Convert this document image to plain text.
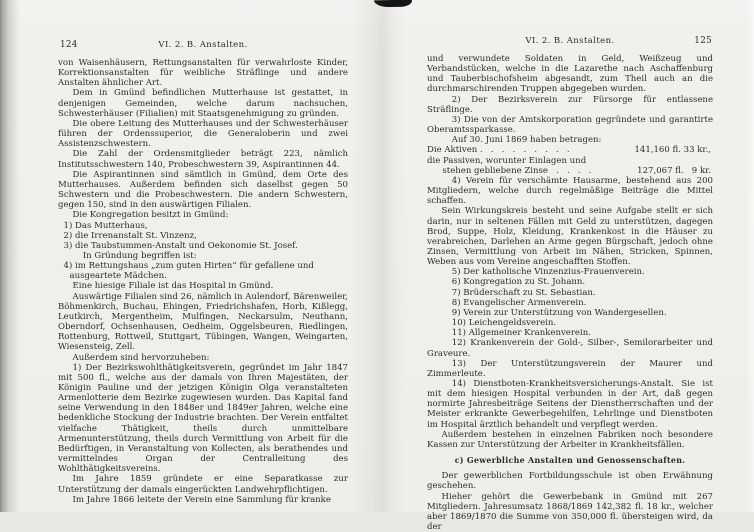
124	VI. 2. B. Anstalten.

von Waisenhäusern, Rettungsanstalten für verwahrloste Kinder, Korrektionsanstalten für weibliche Sträflinge und andere Anstalten ähnlicher Art.

Dem in Gmünd befindlichen Mutterhause ist gestattet, in denjenigen Gemeinden, welche darum nachsuchen, Schwesterhäuser (Filialien) mit Staatsgenehmigung zu gründen.

Die obere Leitung des Mutterhauses und der Schwesterhäuser führen der Ordenssuperior, die Generaloberin und zwei Assistenzschwestern.

Die Zahl der Ordensmitglieder beträgt 223, nämlich Institutsschwestern 140, Probeschwestern 39, Aspirantinnen 44.

Die Aspirantinnen sind sämtlich in Gmünd, dem Orte des Mutterhauses. Außerdem befinden sich daselbst gegen 50 Schwestern und die Probeschwestern. Die andern Schwestern, gegen 150, sind in den auswärtigen Filialen.

Die Kongregation besitzt in Gmünd:

1) Das Mutterhaus,

2) die Irrenanstalt St. Vinzenz,

3) die Taubstummen-Anstalt und Oekonomie St. Josef.

In Gründung begriffen ist:

4) im Rettungshaus „zum guten Hirten“ für gefallene und ausgeartete Mädchen.

Eine hiesige Filiale ist das Hospital in Gmünd.

Auswärtige Filialen sind 26, nämlich in Aulendorf, Bärenweiler, Böhmenkirch, Buchau, Ehingen, Friedrichshafen, Horb, Kißlegg, Leutkirch, Mergentheim, Mulfingen, Neckarsulm, Neuthann, Oberndorf, Ochsenhausen, Oedheim, Oggelsbeuren, Riedlingen, Rottenburg, Rottweil, Stuttgart, Tübingen, Wangen, Weingarten, Wiesensteig, Zell.

Außerdem sind hervorzuheben:

1) Der Bezirkswohlthätigkeitsverein, gegründet im Jahr 1847 mit 500 fl., welche aus der damals von Ihren Majestäten, der Königin Pauline und der jetzigen Königin Olga veranstalteten Armenlotterie dem Bezirke zugewiesen wurden. Das Kapital fand seine Verwendung in den 1848er und 1849er Jahren, welche eine bedenkliche Stockung der Industrie brachten. Der Verein entfaltet vielfache Thätigkeit, theils durch unmittelbare Armenunterstützung, theils durch Vermittlung von Arbeit für die Bedürftigen, in Veranstaltung von Kollecten, als berathendes und vermittelndes Organ der Centralleitung des Wohlthätigkeitsvereins.

Im Jahre 1859 gründete er eine Separatkasse zur Unterstützung der damals eingerückten Landwehrpflichtigen.

Im Jahre 1866 leitete der Verein eine Sammlung für kranke

VI. 2. B. Anstalten.	125

und verwundete Soldaten in Geld, Weißzeug und Verbandstücken, welche in die Lazarethe nach Aschaffenburg und Tauberbischofsheim abgesandt, zum Theil auch an die durchmarschirenden Truppen abgegeben wurden.

2) Der Bezirksverein zur Fürsorge für entlassene Sträflinge.

3) Die von der Amtskorporation gegründete und garantirte Oberamtssparkasse.

Auf 30. Juni 1869 haben betragen:

Die Aktiven .   .   .   .   .   .   .   .   .	141,160 fl. 33 kr.,

die Passiven, worunter Einlagen und

stehen gebliebene Zinse   .   .   .   .	127,067 fl.   9 kr.

4) Verein für verschämte Hausarme, bestehend aus 200 Mitgliedern, welche durch regelmäßige Beiträge die Mittel schaffen.

Sein Wirkungskreis besteht und seine Aufgabe stellt er sich darin, nur in seltenen Fällen mit Geld zu unterstützen, dagegen Brod, Suppe, Holz, Kleidung, Krankenkost in die Häuser zu verabreichen, Darlehen an Arme gegen Bürgschaft, jedoch ohne Zinsen, Vermittlung von Arbeit im Nähen, Stricken, Spinnen, Weben aus vom Vereine angeschafften Stoffen.

5) Der katholische Vinzenzius-Frauenverein.

6) Kongregation zu St. Johann.

7) Brüderschaft zu St. Sebastian.

8) Evangelischer Armenverein.

9) Verein zur Unterstützung von Wandergesellen.

10) Leichengeldsverein.

11) Allgemeiner Krankenverein.

12) Krankenverein der Gold-, Silber-, Semilorarbeiter und Graveure.

13) Der Unterstützungsverein der Maurer und Zimmerleute.

14) Dienstboten-Krankheitsversicherungs-Anstalt. Sie ist mit dem hiesigen Hospital verbunden in der Art, daß gegen normirte Jahresbeiträge Seitens der Dienstherrschaften und der Meister erkrankte Gewerbegehilfen, Lehrlinge und Dienstboten im Hospital ärztlich behandelt und verpflegt werden.

Außerdem bestehen in einzelnen Fabriken noch besondere Kassen zur Unterstützung der Arbeiter in Krankheitsfällen.

c) Gewerbliche Anstalten und Genossenschaften.

Der gewerblichen Fortbildungsschule ist oben Erwähnung geschehen.

Hieher gehört die Gewerbebank in Gmünd mit 267 Mitgliedern. Jahresumsatz 1868/1869 142,382 fl. 18 kr., welcher aber 1869/1870 die Summe von 350,000 fl. übersteigen wird, da der
